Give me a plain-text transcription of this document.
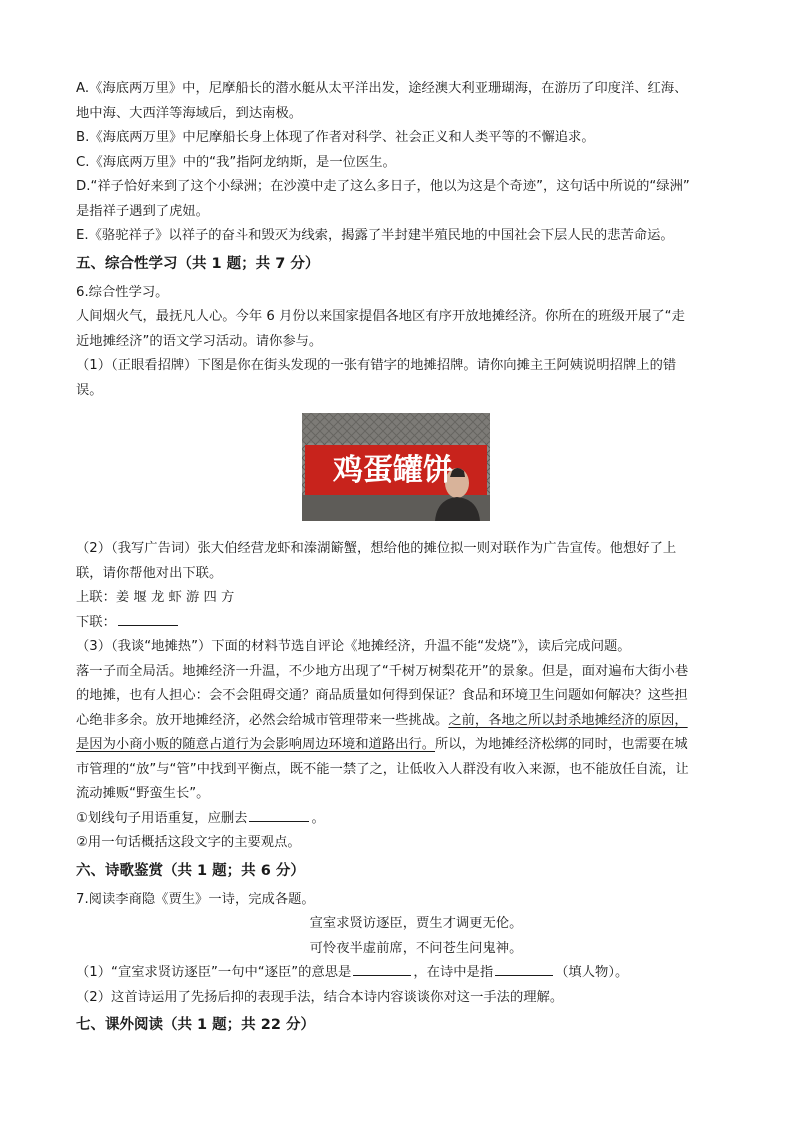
A.《海底两万里》中，尼摩船长的潜水艇从太平洋出发，途经澳大利亚珊瑚海，在游历了印度洋、红海、
地中海、大西洋等海域后，到达南极。
B.《海底两万里》中尼摩船长身上体现了作者对科学、社会正义和人类平等的不懈追求。
C.《海底两万里》中的“我”指阿龙纳斯，是一位医生。
D.“祥子恰好来到了这个小绿洲；在沙漠中走了这么多日子，他以为这是个奇迹”，这句话中所说的“绿洲”
是指祥子遇到了虎妞。
E.《骆驼祥子》以祥子的奋斗和毁灭为线索，揭露了半封建半殖民地的中国社会下层人民的悲苦命运。
五、综合性学习（共 1 题；共 7 分）
6.综合性学习。
人间烟火气，最抚凡人心。今年 6 月份以来国家提倡各地区有序开放地摊经济。你所在的班级开展了“走
近地摊经济”的语文学习活动。请你参与。
（1）（正眼看招牌）下图是你在街头发现的一张有错字的地摊招牌。请你向摊主王阿姨说明招牌上的错
误。
鸡蛋罐饼
（2）（我写广告词）张大伯经营龙虾和溱湖簖蟹，想给他的摊位拟一则对联作为广告宣传。他想好了上
联，请你帮他对出下联。
上联：姜 堰 龙 虾 游 四 方
下联：
（3）（我谈“地摊热”）下面的材料节选自评论《地摊经济，升温不能“发烧”》，读后完成问题。
落一子而全局活。地摊经济一升温，不少地方出现了“千树万树梨花开”的景象。但是，面对遍布大街小巷
的地摊，也有人担心：会不会阻碍交通？商品质量如何得到保证？食品和环境卫生问题如何解决？这些担
心绝非多余。放开地摊经济，必然会给城市管理带来一些挑战。之前，各地之所以封杀地摊经济的原因，
是因为小商小贩的随意占道行为会影响周边环境和道路出行。所以，为地摊经济松绑的同时，也需要在城
市管理的“放”与“管”中找到平衡点，既不能一禁了之，让低收入人群没有收入来源，也不能放任自流，让
流动摊贩“野蛮生长”。
①划线句子用语重复，应删去	。
②用一句话概括这段文字的主要观点。
六、诗歌鉴赏（共 1 题；共 6 分）
7.阅读李商隐《贾生》一诗，完成各题。
宣室求贤访逐臣，贾生才调更无伦。
可怜夜半虚前席，不问苍生问鬼神。
（1）“宣室求贤访逐臣”一句中“逐臣”的意思是	，在诗中是指	（填人物）。
（2）这首诗运用了先扬后抑的表现手法，结合本诗内容谈谈你对这一手法的理解。
七、课外阅读（共 1 题；共 22 分）
